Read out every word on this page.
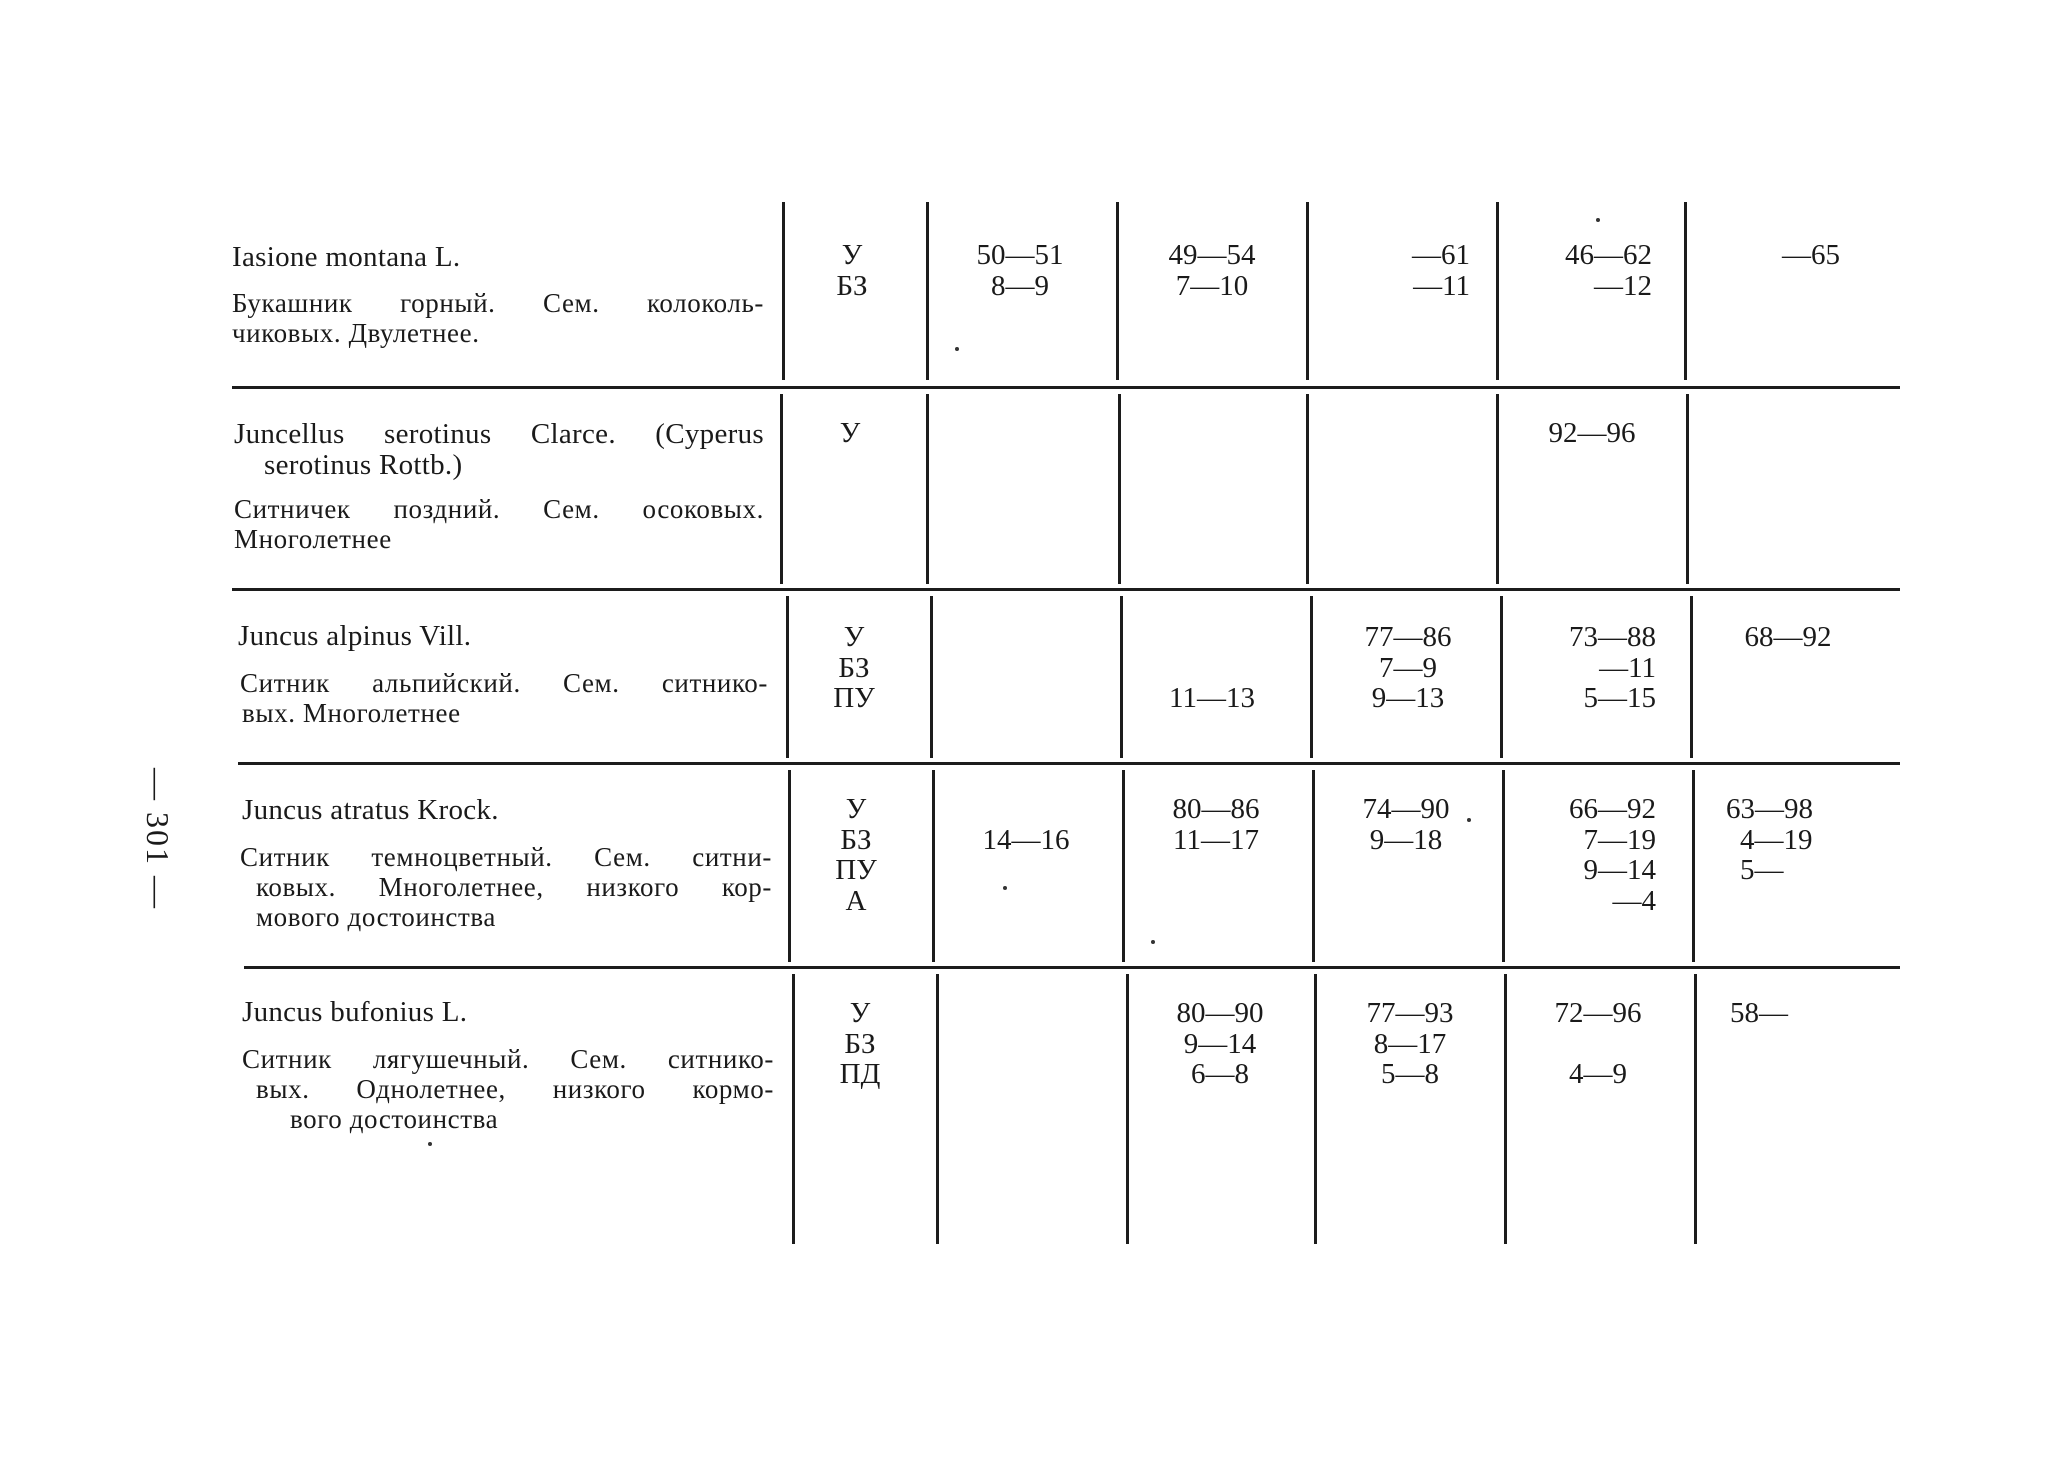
— 301 —
Iasione montana L.
Букашник горный. Сем. колоколь-
чиковых. Двулетнее.
У
БЗ
50—51
8—9
49—54
7—10
—61
—11
46—62
—12
—65
Juncellus serotinus Clarce. (Cyperus
serotinus Rottb.)
Ситничек поздний. Сем. осоковых.
Многолетнее
У	92—96
Juncus alpinus Vill.
Ситник альпийский. Сем. ситнико-
вых. Многолетнее
У
БЗ
ПУ

	11—13
77—86
7—9
9—13
73—88
—11
5—15
68—92
Juncus atratus Krock.
Ситник темноцветный. Сем. ситни-
ковых. Многолетнее, низкого кор-
мового достоинства
У
БЗ
ПУ
А

14—16
80—86
11—17
74—90
9—18
66—92
7—19
9—14
—4
63—98
4—19
5—
Juncus bufonius L.
Ситник лягушечный. Сем. ситнико-
вых. Однолетнее, низкого кормо-
вого достоинства
У
БЗ
ПД
80—90
9—14
6—8
77—93
8—17
5—8
72—96

4—9
58—
